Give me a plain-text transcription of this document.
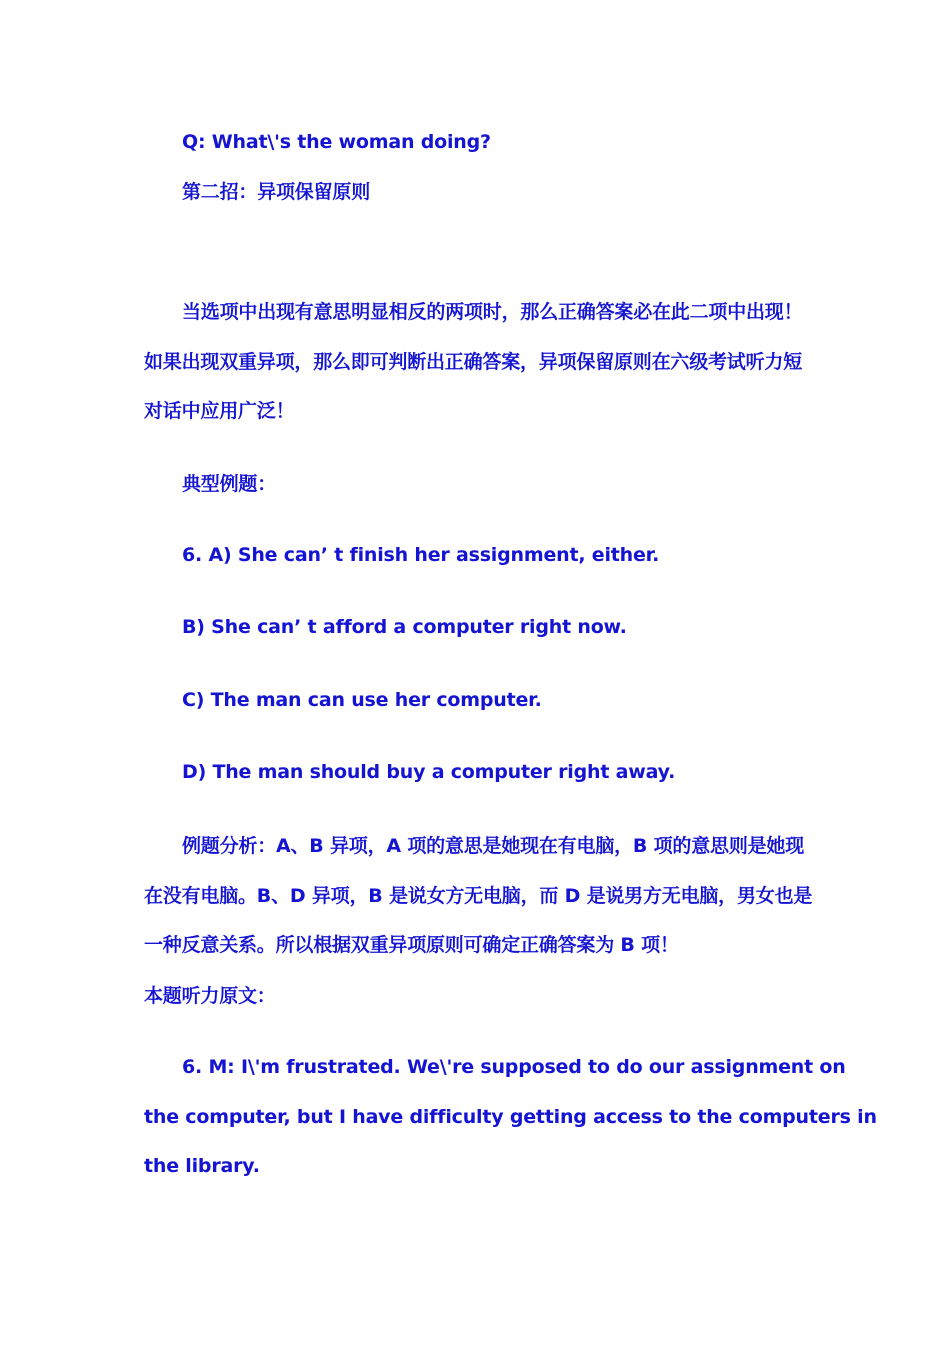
Q: What\'s the woman doing?
第二招：异项保留原则
当选项中出现有意思明显相反的两项时，那么正确答案必在此二项中出现！
如果出现双重异项，那么即可判断出正确答案，异项保留原则在六级考试听力短
对话中应用广泛！
典型例题：
6. A) She can’ t finish her assignment, either.
B) She can’ t afford a computer right now.
C) The man can use her computer.
D) The man should buy a computer right away.
例题分析：A、B 异项，A 项的意思是她现在有电脑，B 项的意思则是她现
在没有电脑。B、D 异项，B 是说女方无电脑，而 D 是说男方无电脑，男女也是
一种反意关系。所以根据双重异项原则可确定正确答案为 B 项！
本题听力原文：
6. M: I\'m frustrated. We\'re supposed to do our assignment on
the computer, but I have difficulty getting access to the computers in
the library.
